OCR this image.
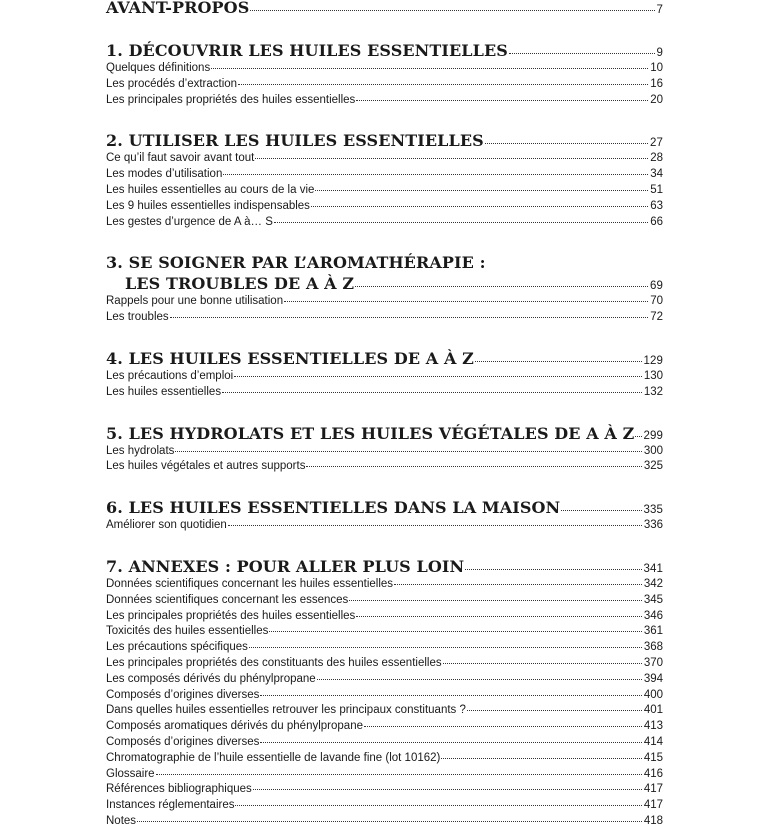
AVANT-PROPOS	7
1. DÉCOUVRIR LES HUILES ESSENTIELLES	9
Quelques définitions	10
Les procédés d’extraction	16
Les principales propriétés des huiles essentielles	20
2. UTILISER LES HUILES ESSENTIELLES	27
Ce qu’il faut savoir avant tout	28
Les modes d’utilisation	34
Les huiles essentielles au cours de la vie	51
Les 9 huiles essentielles indispensables	63
Les gestes d’urgence de A à… S	66
3. SE SOIGNER PAR L’AROMATHÉRAPIE :
LES TROUBLES DE A À Z	69
Rappels pour une bonne utilisation	70
Les troubles	72
4. LES HUILES ESSENTIELLES DE A À Z	129
Les précautions d’emploi	130
Les huiles essentielles	132
5. LES HYDROLATS ET LES HUILES VÉGÉTALES DE A À Z 299
Les hydrolats	300
Les huiles végétales et autres supports	325
6. LES HUILES ESSENTIELLES DANS LA MAISON	335
Améliorer son quotidien	336
7. ANNEXES : POUR ALLER PLUS LOIN	341
Données scientifiques concernant les huiles essentielles	342
Données scientifiques concernant les essences	345
Les principales propriétés des huiles essentielles	346
Toxicités des huiles essentielles	361
Les précautions spécifiques	368
Les principales propriétés des constituants des huiles essentielles	370
Les composés dérivés du phénylpropane	394
Composés d’origines diverses	400
Dans quelles huiles essentielles retrouver les principaux constituants ?	401
Composés aromatiques dérivés du phénylpropane	413
Composés d’origines diverses	414
Chromatographie de l’huile essentielle de lavande fine (lot 10162)	415
Glossaire	416
Références bibliographiques	417
Instances réglementaires	417
Notes	418
